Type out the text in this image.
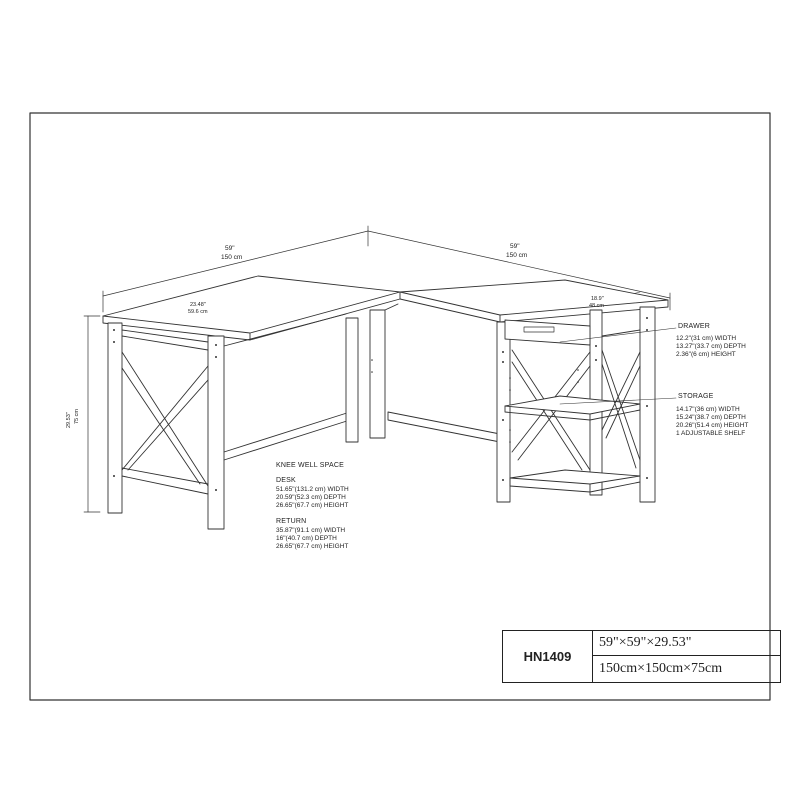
59"
150 cm
59"
150 cm
23.48"
59.6 cm
18.9"
48 cm
29.53" 75 cm
DRAWER
12.2"(31 cm) WIDTH
13.27"(33.7 cm) DEPTH
2.36"(6 cm) HEIGHT
STORAGE
14.17"(36 cm) WIDTH
15.24"(38.7 cm) DEPTH
20.26"(51.4 cm) HEIGHT
1 ADJUSTABLE SHELF
KNEE WELL SPACE
DESK
51.65"(131.2 cm) WIDTH
20.59"(52.3 cm) DEPTH
26.65"(67.7 cm) HEIGHT
RETURN
35.87"(91.1 cm) WIDTH
16"(40.7 cm) DEPTH
26.65"(67.7 cm) HEIGHT
HN1409
59"×59"×29.53"
150cm×150cm×75cm
